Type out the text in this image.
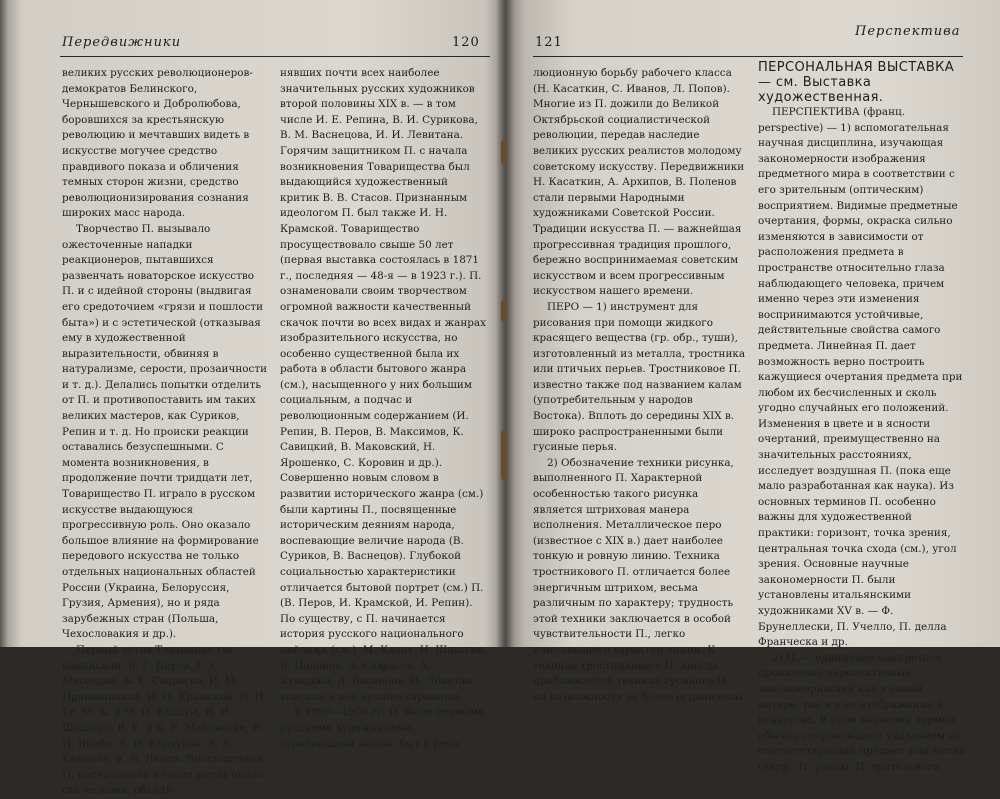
Передвижники	120

великих русских революционеров-демократов Белинского, Чернышевского и Добролюбова, боровшихся за крестьянскую революцию и мечтавших видеть в искусстве могучее средство правдивого показа и обличения темных сторон жизни, средство революционизирования сознания широких масс народа.

Творчество П. вызывало ожесточенные нападки реакционеров, пытавшихся развенчать новаторское искусство П. и с идейной стороны (выдвигая его средоточием «грязи и пошлости быта») и с эстетической (отказывая ему в художественной выразительности, обвиняя в натурализме, серости, прозаичности и т. д.). Делались попытки отделить от П. и противопоставить им таких великих мастеров, как Суриков, Репин и т. д. Но происки реакции оставались безуспешными. С момента возникновения, в продолжение почти тридцати лет, Товарищество П. играло в русском искусстве выдающуюся прогрессивную роль. Оно оказало большое влияние на формирование передового искусства не только отдельных национальных областей России (Украина, Белоруссия, Грузия, Армения), но и ряда зарубежных стран (Польша, Чехословакия и др.).

Первый устав Товарищества подписали: В. Г. Перов, Г. Г. Мясоедов, А. К. Саврасов, И. М. Прянишников, И. Н. Крамской, Н. Н. Ге, М. К. и М. П. Клодты, И. И. Шишкин, В. Е. и К. Е. Маковские, В. И. Якоби, А. И. Корзухин, А. А. Каменев, К. В. Лемох. Впоследствии П. насчитывали в своих рядах около ста человек, объеди-

нявших почти всех наиболее значительных русских художников второй половины XIX в. — в том числе И. Е. Репина, В. И. Сурикова, В. М. Васнецова, И. И. Левитана. Горячим защитником П. с начала возникновения Товарищества был выдающийся художественный критик В. В. Стасов. Признанным идеологом П. был также И. Н. Крамской. Товарищество просуществовало свыше 50 лет (первая выставка состоялась в 1871 г., последняя — 48-я — в 1923 г.). П. ознаменовали своим творчеством огромной важности качественный скачок почти во всех видах и жанрах изобразительного искусства, но особенно существенной была их работа в области бытового жанра (см.), насыщенного у них большим социальным, а подчас и революционным содержанием (И. Репин, В. Перов, В. Максимов, К. Савицкий, В. Маковский, Н. Ярошенко, С. Коровин и др.). Совершенно новым словом в развитии исторического жанра (см.) были картины П., посвященные историческим деяниям народа, воспевающие величие народа (В. Суриков, В. Васнецов). Глубокой социальностью характеристики отличается бытовой портрет (см.) П. (В. Перов, И. Крамской, И. Репин). По существу, с П. начинается история русского национального пейзажа (см.). М. Клодт, И. Шишкин, В. Поленов, А. Саврасов, А. Куинджи, А. Васнецов, И. Левитан вписали в нее лучшие страницы.

В 1890—1900 гг. П. были первыми русскими художниками, отразившими жизнь, быт и рево-

121
Перспектива

люционную борьбу рабочего класса (Н. Касаткин, С. Иванов, Л. Попов). Многие из П. дожили до Великой Октябрьской социалистической революции, передав наследие великих русских реалистов молодому советскому искусству. Передвижники Н. Касаткин, А. Архипов, В. Поленов стали первыми Народными художниками Советской России. Традиции искусства П. — важнейшая прогрессивная традиция прошлого, бережно воспринимаемая советским искусством и всем прогрессивным искусством нашего времени.

ПЕРО — 1) инструмент для рисования при помощи жидкого красящего вещества (гр. обр., туши), изготовленный из металла, тростника или птичьих перьев. Тростниковое П. известно также под названием калам (употребительным у народов Востока). Вплоть до середины XIX в. широко распространенными были гусиные перья.

2) Обозначение техники рисунка, выполненного П. Характерной особенностью такого рисунка является штриховая манера исполнения. Металлическое перо (известное с XIX в.) дает наиболее тонкую и ровную линию. Техника тростникового П. отличается более энергичным штрихом, весьма различным по характеру; трудность этой техники заключается в особой чувствительности П., легко изменяющего характер линии. К технике тростникового П. иногда приближается техника гусиного П., но возможности ее более ограничены.

ПЕРСОНАЛЬНАЯ ВЫСТАВКА — см. Выставка художественная.

ПЕРСПЕКТИВА (франц. perspective) — 1) вспомогательная научная дисциплина, изучающая закономерности изображения предметного мира в соответствии с его зрительным (оптическим) восприятием. Видимые предметные очертания, формы, окраска сильно изменяются в зависимости от расположения предмета в пространстве относительно глаза наблюдающего человека, причем именно через эти изменения воспринимаются устойчивые, действительные свойства самого предмета. Линейная П. дает возможность верно построить кажущиеся очертания предмета при любом их бесчисленных и сколь угодно случайных его положений. Изменения в цвете и в ясности очертаний, преимущественно на значительных расстояниях, исследует воздушная П. (пока еще мало разработанная как наука). Из основных терминов П. особенно важны для художественной практики: горизонт, точка зрения, центральная точка схода (см.), угол зрения. Основные научные закономерности П. были установлены итальянскими художниками XV в. — Ф. Брунеллески, П. Учелло, П. делла Франческа и др.

2) П. — единичное конкретное проявление перспективных закономерностей как в самой натуре, так и в ее изображении в искусстве. В этом значении термин обычно сопровождают указанием на соответствующий предмет или мотив (напр., П. улицы, П. зрительного
